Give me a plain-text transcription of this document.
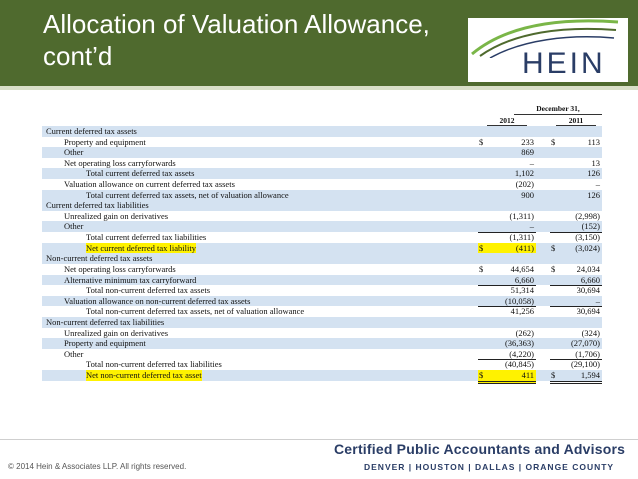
Allocation of Valuation Allowance,
cont’d	HEIN
December 31,
2012	2011
Current deferred tax assets
Property and equipment	$	233 $	113
Other	869
Net operating loss carryforwards	–	13
Total current deferred tax assets	1,102	126
Valuation allowance on current deferred tax assets	(202)	–
Total current deferred tax assets, net of valuation allowance	900	126
Current deferred tax liabilities
Unrealized gain on derivatives	(1,311)	(2,998)
Other	–	(152)
Total current deferred tax liabilities	(1,311)	(3,150)
Net current deferred tax liability	$	(411) $ (3,024)
Non-current deferred tax assets
Net operating loss carryforwards	$	44,654 $	24,034
Alternative minimum tax carryforward	6,660	6,660
Total non-current deferred tax assets	51,314	30,694
Valuation allowance on non-current deferred tax assets	(10,058)	–
Total non-current deferred tax assets, net of valuation allowance	41,256	30,694
Non-current deferred tax liabilities
Unrealized gain on derivatives	(262)	(324)
Property and equipment	(36,363)	(27,070)
Other	(4,220)	(1,706)
Total non-current deferred tax liabilities	(40,845)	(29,100)
Net non-current deferred tax asset	$	411 $	1,594
© 2014 Hein & Associates LLP. All rights reserved.
Certified Public Accountants and Advisors
DENVER | HOUSTON | DALLAS | ORANGE COUNTY
